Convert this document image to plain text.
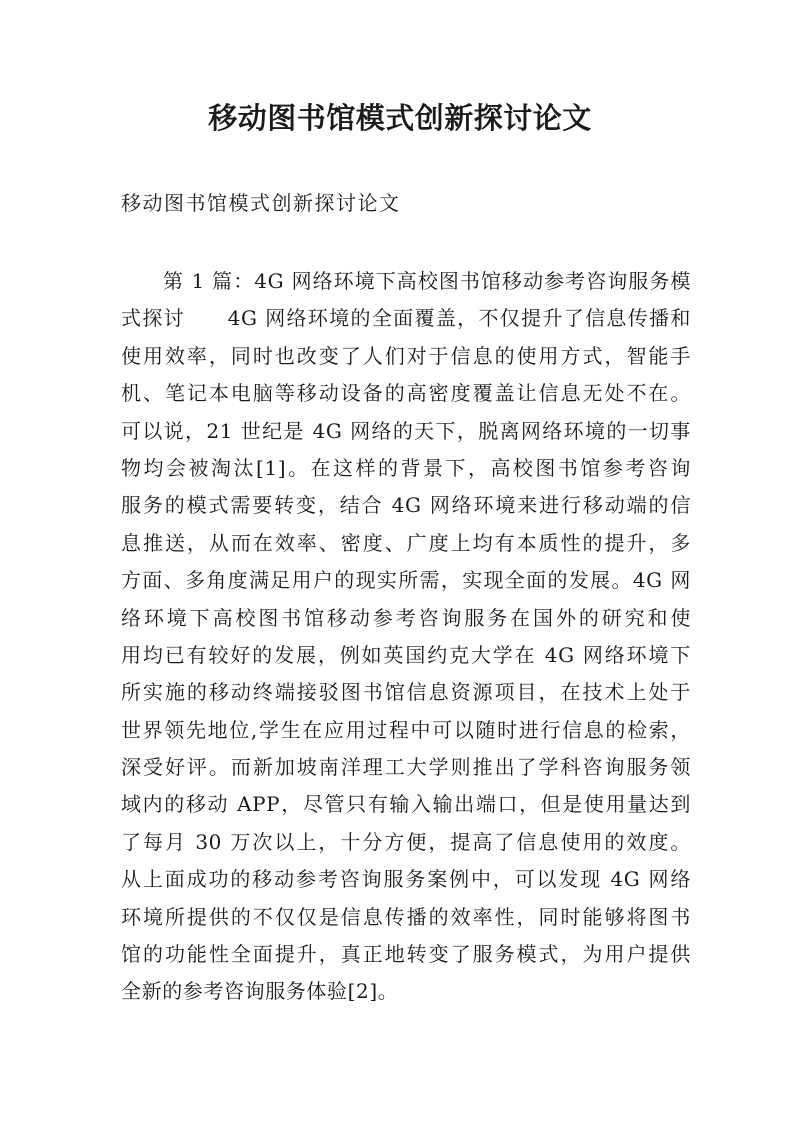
移动图书馆模式创新探讨论文

移动图书馆模式创新探讨论文

第 1 篇：4G 网络环境下高校图书馆移动参考咨询服务模
式探讨　　4G 网络环境的全面覆盖，不仅提升了信息传播和
使用效率，同时也改变了人们对于信息的使用方式，智能手
机、笔记本电脑等移动设备的高密度覆盖让信息无处不在。
可以说，21 世纪是 4G 网络的天下，脱离网络环境的一切事
物均会被淘汰[1]。在这样的背景下，高校图书馆参考咨询
服务的模式需要转变，结合 4G 网络环境来进行移动端的信
息推送，从而在效率、密度、广度上均有本质性的提升，多
方面、多角度满足用户的现实所需，实现全面的发展。4G 网
络环境下高校图书馆移动参考咨询服务在国外的研究和使
用均已有较好的发展，例如英国约克大学在 4G 网络环境下
所实施的移动终端接驳图书馆信息资源项目，在技术上处于
世界领先地位,学生在应用过程中可以随时进行信息的检索，
深受好评。而新加坡南洋理工大学则推出了学科咨询服务领
域内的移动 APP，尽管只有输入输出端口，但是使用量达到
了每月 30 万次以上，十分方便，提高了信息使用的效度。
从上面成功的移动参考咨询服务案例中，可以发现 4G 网络
环境所提供的不仅仅是信息传播的效率性，同时能够将图书
馆的功能性全面提升，真正地转变了服务模式，为用户提供
全新的参考咨询服务体验[2]。
